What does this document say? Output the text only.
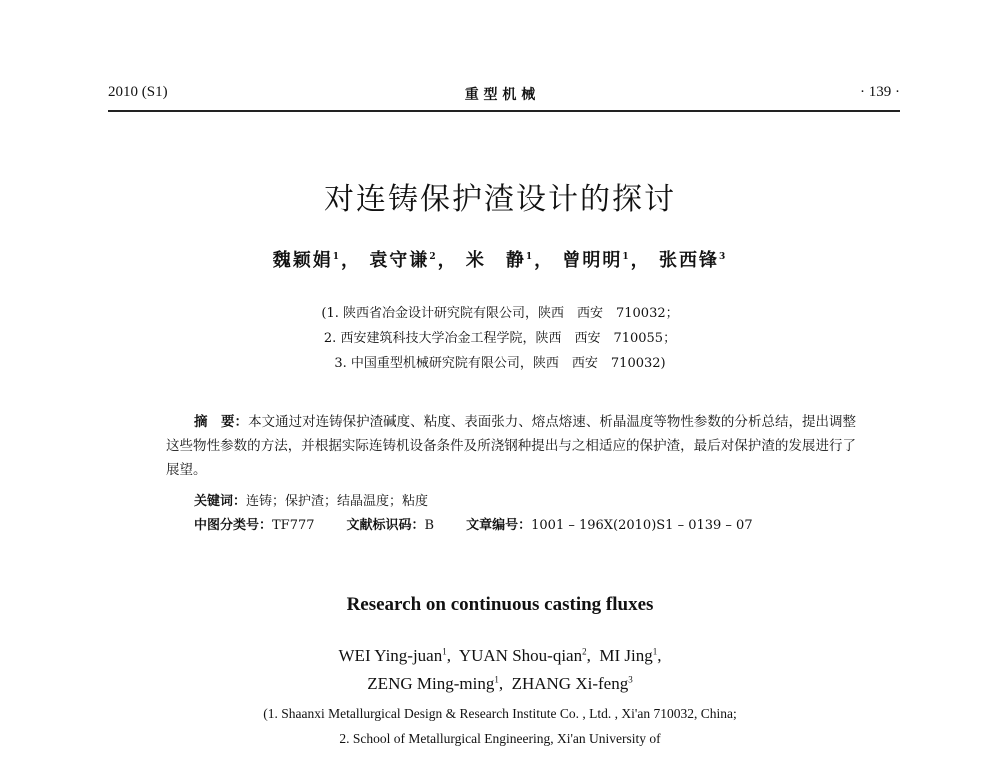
2010 (S1)	重 型 机 械	· 139 ·
对连铸保护渣设计的探讨
魏颖娟$^1$， 袁守谦$^2$， 米　静$^1$， 曾明明$^1$， 张西锋$^3$
(1. 陕西省冶金设计研究院有限公司，陕西　西安　710032；
2. 西安建筑科技大学冶金工程学院，陕西　西安　710055；
3. 中国重型机械研究院有限公司，陕西　西安　710032)
摘　要：本文通过对连铸保护渣碱度、粘度、表面张力、熔点熔速、析晶温度等物性参数的分析总结，提出调整这些物性参数的方法，并根据实际连铸机设备条件及所浇钢种提出与之相适应的保护渣，最后对保护渣的发展进行了展望。
关键词：连铸；保护渣；结晶温度；粘度
中图分类号：TF777 文献标识码：B 文章编号：1001 – 196X(2010)S1 – 0139 – 07
Research on continuous casting fluxes
WEI Ying-juan$^1$,  YUAN Shou-qian$^2$,  MI Jing$^1$,
ZENG Ming-ming$^1$,  ZHANG Xi-feng$^3$
(1. Shaanxi Metallurgical Design & Research Institute Co. , Ltd. , Xi'an 710032, China;
2. School of Metallurgical Engineering, Xi'an University of
